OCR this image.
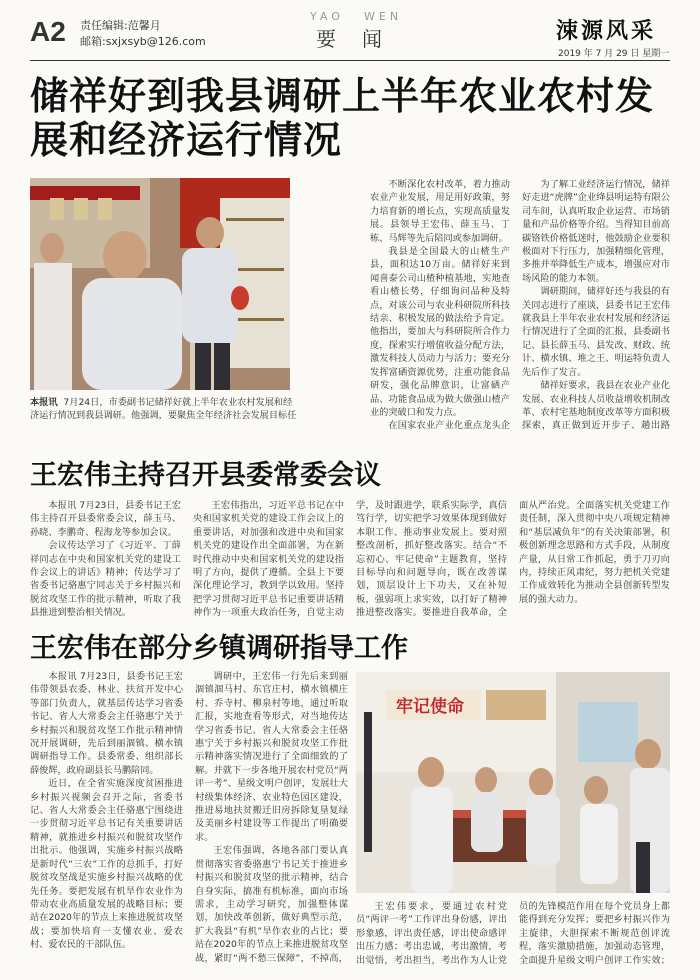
A2 责任编辑:范馨月
邮箱:sxjxsyb@126.com
YAO WEN
要闻	涑源风采
2019 年 7 月 29 日 星期一
储祥好到我县调研上半年农业农村发展和经济运行情况
本报讯 7月24日，市委副书记储祥好就上半年农业农村发展和经济运行情况到我县调研。他强调，要聚焦全年经济社会发展目标任

不断深化农村改革，着力推动农业产业发展，用足用好政策，努力培育新的增长点，实现高质量发展。县领导王宏伟、薛玉马、丁栋、马辉等先后陪同或参加调研。

我县是全国最大的山楂生产县，面积达10万亩。储祥好来到闻喜泰公司山楂种植基地，实地查看山楂长势，仔细询问品种及特点，对该公司与农业科研院所科技结亲、积极发展的做法给予肯定。他指出，要加大与科研院所合作力度，探索实行增值收益分配方法，激发科技人员动力与活力；要充分发挥富硒资源优势，注重功能食品研发，强化品牌意识，让富硒产品、功能食品成为做大做强山楂产业的突破口和发力点。

在国家农业产业化重点龙头企

为了解工业经济运行情况，储祥好走进“虎牌”企业绛县明运特有限公司车间，认真听取企业运营、市场销量和产品价格等介绍。当得知目前高碳铬铁价格低迷时，他鼓励企业要积极面对下行压力，加强精细化管理，多推并举降低生产成本，增强应对市场风险的能力本领。

调研期间，储祥好还与我县的有关同志进行了座谈，县委书记王宏伟就我县上半年农业农村发展和经济运行情况进行了全面的汇报，县委副书记、县长薛玉马、县发改、财政、统计、横水镇、堆之王、明运特负责人先后作了发言。

储祥好要求，我县在农业产业化发展、农业科技人员收益增收机制改革、农村宅基地制度改革等方面积极探索，真正做到近开步子、趟出路

王宏伟主持召开县委常委会议

本报讯 7月23日，县委书记王宏伟主持召开县委常委会议，薛玉马、孙晓、李鹏奇、程海龙等参加会议。

会议传达学习了《习近平、丁薛祥同志在中央和国家机关党的建设工作会议上的讲话》精神；传达学习了省委书记骆惠宁同志关于乡村振兴和脱贫攻坚工作的批示精神，听取了我县推进到整治相关情况。

王宏伟指出，习近平总书记在中央和国家机关党的建设工作会议上的重要讲话，对加强和改进中央和国家机关党的建设作出全面部署，为在新时代推动中央和国家机关党的建设指明了方向，提供了遵循。全县上下要深化理论学习，教到学以致用。坚持把学习贯彻习近平总书记重要讲话精神作为一项重大政治任务，自觉主动学，及时跟进学，联系实际学，真信笃行学，切实把学习效果体现到做好本职工作、推动事业发展上。要对照整改剖析，抓好整改落实。结合“不忘初心、牢记使命”主题教育，坚持目标导向和问题导向，既在改善谋划，顶层设计上下功夫，又在补短板，强弱项上求实效，以打好了精神推进整改落实。要推进自我革命，全面从严治党。全面落实机关党建工作责任制，深入贯彻中央八项规定精神和“基层减负年”的有关决策部署，积极创新理念思路和方式手段，从制度产量，从日常工作抓起，勇于刀刃向内，持续正风肃纪，努力把机关党建工作成效转化为推动全县创新转型发展的强大动力。

王宏伟在部分乡镇调研指导工作

本报讯 7月23日，县委书记王宏伟带领县农委、林业、扶贫开发中心等部门负责人，就基层传达学习省委书记、省人大常委会主任骆惠宁关于乡村振兴和脱贫攻坚工作批示精神情况开展调研，先后到丽涸镇、横水镇调研指导工作。县委常委、组织部长薛俊辉，政府副县长马鹏陪同。

近日，在全省实施深度贫困推进乡村振兴视频会召开之际，省委书记、省人大常委会主任骆惠宁围绕进一步贯彻习近平总书记有关重要讲话精神，就推进乡村振兴和脱贫攻坚作出批示。他强调，实施乡村振兴战略是新时代“三农”工作的总抓手，打好脱贫攻坚战是实施乡村振兴战略的优先任务。要把发展有机旱作农业作为带动农业高质量发展的战略目标；要站在2020年的节点上来推进脱贫攻坚战；要加快培育一支懂农业、爱农村、爱农民的干部队伍。

调研中，王宏伟一行先后来到丽涸镇涸马村、东官庄村，横水镇横庄村、乔寺村、柳泉村等地，通过听取汇报，实地查看等形式，对当地传达学习省委书记、省人大常委会主任骆惠宁关于乡村振兴和脱贫攻坚工作批示精神落实情况进行了全面细致的了解。并就下一步各地开展农村党员“两评一考”、星级文明户创评，发展壮大村级集体经济、农业特色园区建设，推进易地扶贫搬迁旧房拆除复垦复绿及美丽乡村建设等工作提出了明确要求。

王宏伟强调，各地各部门要认真贯彻落实省委骆惠宁书记关于推进乡村振兴和脱贫攻坚的批示精神，结合自身实际，搞准有机标准，面向市场需求，主动学习研究，加强整体谋划，加快改革创新，做好典型示范，扩大我县“有机”旱作农业的占比；要站在2020年的节点上来推进脱贫攻坚战，紧盯“两不愁三保障”，不掉高，

牢记使命

王宏伟要求，要通过农村党员“两评一考”工作评出身份感，评出形象感，评出责任感，评出使命感评出压力感；考出忠诚，考出激情，考出觉悟，考出担当，考出作为人让党员的先锋模范作用在每个党员身上都能得到充分发挥；要把乡村振兴作为主旋律，大胆探索不断规范创评流程，落实激励措施，加强动态管理，全面提升星级文明户创评工作实效；
